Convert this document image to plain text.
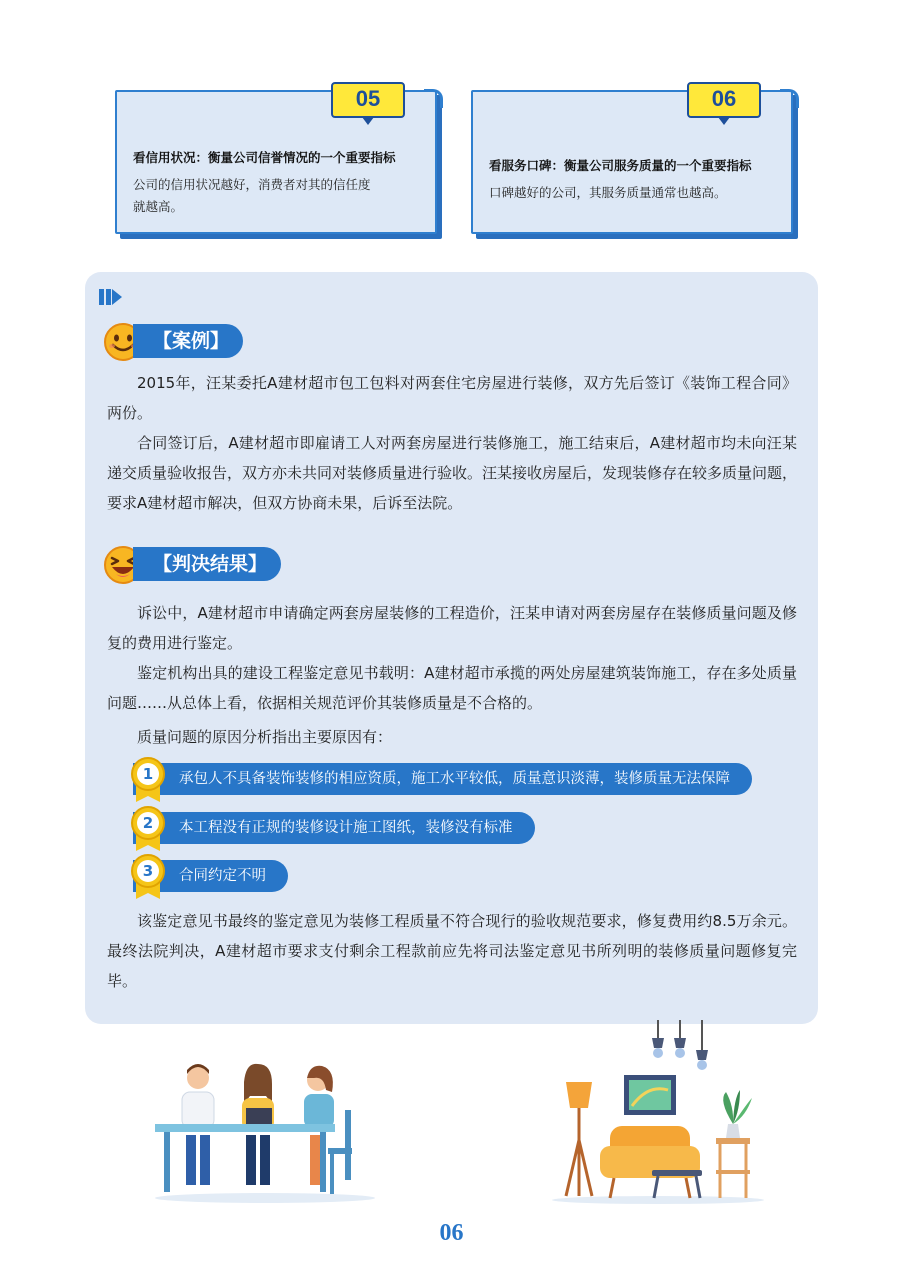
05
看信用状况：衡量公司信誉情况的一个重要指标
公司的信用状况越好，消费者对其的信任度
就越高。
06
看服务口碑：衡量公司服务质量的一个重要指标
口碑越好的公司，其服务质量通常也越高。
【案例】

2015年，汪某委托A建材超市包工包料对两套住宅房屋进行装修，双方先后签订《装饰工程合同》两份。

合同签订后，A建材超市即雇请工人对两套房屋进行装修施工，施工结束后，A建材超市均未向汪某递交质量验收报告，双方亦未共同对装修质量进行验收。汪某接收房屋后，发现装修存在较多质量问题，要求A建材超市解决，但双方协商未果，后诉至法院。

【判决结果】

诉讼中，A建材超市申请确定两套房屋装修的工程造价，汪某申请对两套房屋存在装修质量问题及修复的费用进行鉴定。

鉴定机构出具的建设工程鉴定意见书载明：A建材超市承揽的两处房屋建筑装饰施工，存在多处质量问题……从总体上看，依据相关规范评价其装修质量是不合格的。

质量问题的原因分析指出主要原因有：

承包人不具备装饰装修的相应资质，施工水平较低，质量意识淡薄，装修质量无法保障
1
本工程没有正规的装修设计施工图纸，装修没有标准
2
合同约定不明
3

该鉴定意见书最终的鉴定意见为装修工程质量不符合现行的验收规范要求，修复费用约8.5万余元。最终法院判决，A建材超市要求支付剩余工程款前应先将司法鉴定意见书所列明的装修质量问题修复完毕。

06
